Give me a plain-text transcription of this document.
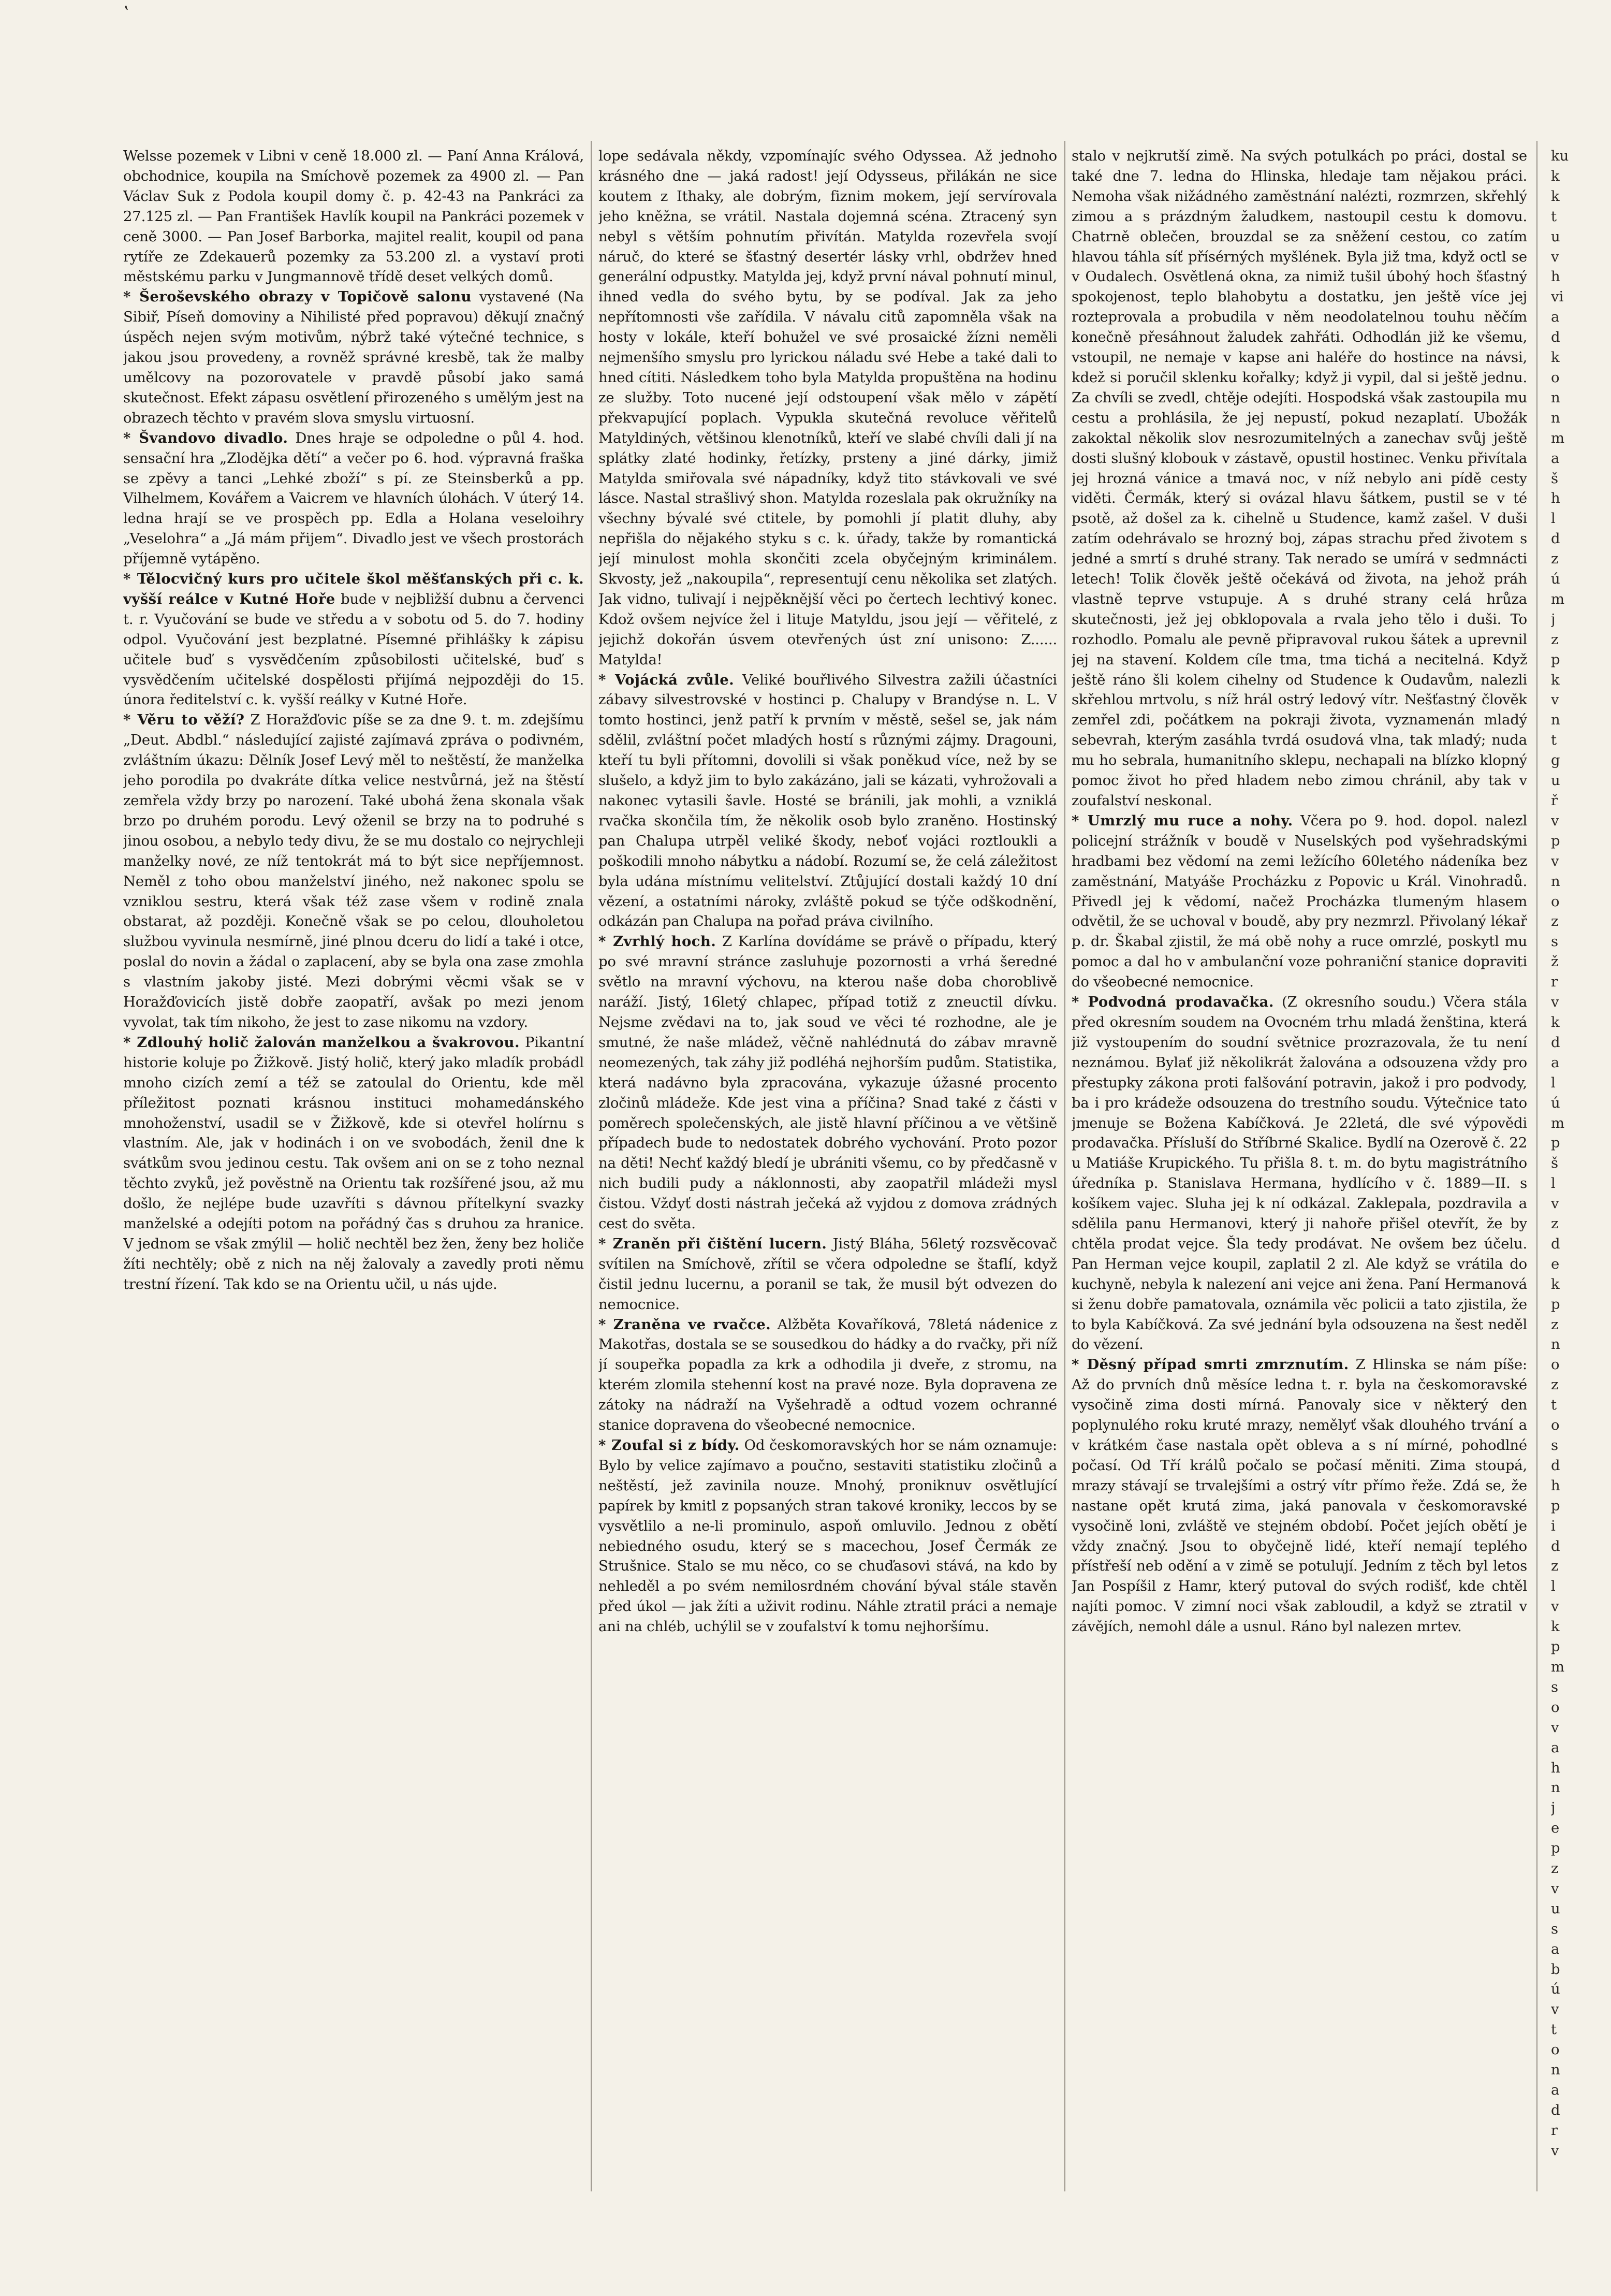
ʽ

Welsse pozemek v Libni v ceně 18.000 zl. — Paní Anna Králová, obchodnice, koupila na Smíchově pozemek za 4900 zl. — Pan Václav Suk z Podola koupil domy č. p. 42-43 na Pankráci za 27.125 zl. — Pan František Havlík koupil na Pankráci pozemek v ceně 3000. — Pan Josef Barborka, majitel realit, koupil od pana rytíře ze Zdekauerů pozemky za 53.200 zl. a vystaví proti městskému parku v Jungmannově třídě deset velkých domů.

* Šeroševského obrazy v Topičově salonu vystavené (Na Sibiř, Píseň domoviny a Nihilisté před popravou) děkují značný úspěch nejen svým motivům, nýbrž také výtečné technice, s jakou jsou provedeny, a rovněž správné kresbě, tak že malby umělcovy na pozorovatele v pravdě působí jako samá skutečnost. Efekt zápasu osvětlení přirozeného s umělým jest na obrazech těchto v pravém slova smyslu virtuosní.

* Švandovo divadlo. Dnes hraje se odpoledne o půl 4. hod. sensační hra „Zlodějka dětí“ a večer po 6. hod. výpravná fraška se zpěvy a tanci „Lehké zboží“ s pí. ze Steinsberků a pp. Vilhelmem, Kovářem a Vaicrem ve hlavních úlohách. V úterý 14. ledna hrají se ve prospěch pp. Edla a Holana veseloihry „Veselohra“ a „Já mám přijem“. Divadlo jest ve všech prostorách příjemně vytápěno.

* Tělocvičný kurs pro učitele škol měšťanských při c. k. vyšší reálce v Kutné Hoře bude v nejbližší dubnu a červenci t. r. Vyučování se bude ve středu a v sobotu od 5. do 7. hodiny odpol. Vyučování jest bezplatné. Písemné přihlášky k zápisu učitele buď s vysvědčením způsobilosti učitelské, buď s vysvědčením učitelské dospělosti přijímá nejpozději do 15. února ředitelství c. k. vyšší reálky v Kutné Hoře.

* Věru to věží? Z Horažďovic píše se za dne 9. t. m. zdejšímu „Deut. Abdbl.“ následující zajisté zajímavá zpráva o podivném, zvláštním úkazu: Dělník Josef Levý měl to neštěstí, že manželka jeho porodila po dvakráte dítka velice nestvůrná, jež na štěstí zemřela vždy brzy po narození. Také ubohá žena skonala však brzo po druhém porodu. Levý oženil se brzy na to podruhé s jinou osobou, a nebylo tedy divu, že se mu dostalo co nejrychleji manželky nové, ze níž tentokrát má to být sice nepříjemnost. Neměl z toho obou manželství jiného, než nakonec spolu se vzniklou sestru, která však též zase všem v rodině znala obstarat, až později. Konečně však se po celou, dlouholetou službou vyvinula nesmírně, jiné plnou dceru do lidí a také i otce, poslal do novin a žádal o zaplacení, aby se byla ona zase zmohla s vlastním jakoby jisté. Mezi dobrými věcmi však se v Horažďovicích jistě dobře zaopatří, avšak po mezi jenom vyvolat, tak tím nikoho, že jest to zase nikomu na vzdory.

* Zdlouhý holič žalován manželkou a švakrovou. Pikantní historie koluje po Žižkově. Jistý holič, který jako mladík probádl mnoho cizích zemí a též se zatoulal do Orientu, kde měl příležitost poznati krásnou instituci mohamedánského mnohoženství, usadil se v Žižkově, kde si otevřel holírnu s vlastním. Ale, jak v hodinách i on ve svobodách, ženil dne k svátkům svou jedinou cestu. Tak ovšem ani on se z toho neznal těchto zvyků, jež pověstně na Orientu tak rozšířené jsou, až mu došlo, že nejlépe bude uzavříti s dávnou přítelkyní svazky manželské a odejíti potom na pořádný čas s druhou za hranice. V jednom se však zmýlil — holič nechtěl bez žen, ženy bez holiče žíti nechtěly; obě z nich na něj žalovaly a zavedly proti němu trestní řízení. Tak kdo se na Orientu učil, u nás ujde.

lope sedávala někdy, vzpomínajíc svého Odyssea. Až jednoho krásného dne — jaká radost! její Odysseus, přilákán ne sice koutem z Ithaky, ale dobrým, fiznim mokem, její servírovala jeho kněžna, se vrátil. Nastala dojemná scéna. Ztracený syn nebyl s větším pohnutím přivítán. Matylda rozevřela svojí náruč, do které se šťastný desertér lásky vrhl, obdržev hned generální odpustky. Matylda jej, když první nával pohnutí minul, ihned vedla do svého bytu, by se podíval. Jak za jeho nepřítomnosti vše zařídila. V návalu citů zapomněla však na hosty v lokále, kteří bohužel ve své prosaické žízni neměli nejmenšího smyslu pro lyrickou náladu své Hebe a také dali to hned cítiti. Následkem toho byla Matylda propuštěna na hodinu ze služby. Toto nucené její odstoupení však mělo v zápětí překvapující poplach. Vypukla skutečná revoluce věřitelů Matyldiných, většinou klenotníků, kteří ve slabé chvíli dali jí na splátky zlaté hodinky, řetízky, prsteny a jiné dárky, jimiž Matylda smiřovala své nápadníky, když tito stávkovali ve své lásce. Nastal strašlivý shon. Matylda rozeslala pak okružníky na všechny bývalé své ctitele, by pomohli jí platit dluhy, aby nepřišla do nějakého styku s c. k. úřady, takže by romantická její minulost mohla skončiti zcela obyčejným kriminálem. Skvosty, jež „nakoupila“, representují cenu několika set zlatých. Jak vidno, tulivají i nejpěknější věci po čertech lechtivý konec. Kdož ovšem nejvíce žel i lituje Matyldu, jsou její — věřitelé, z jejichž dokořán úsvem otevřených úst zní unisono: Z...... Matylda!

* Vojácká zvůle. Veliké bouřlivého Silvestra zažili účastníci zábavy silvestrovské v hostinci p. Chalupy v Brandýse n. L. V tomto hostinci, jenž patří k prvním v městě, sešel se, jak nám sdělil, zvláštní počet mladých hostí s různými zájmy. Dragouni, kteří tu byli přítomni, dovolili si však poněkud více, než by se slušelo, a když jim to bylo zakázáno, jali se kázati, vyhrožovali a nakonec vytasili šavle. Hosté se bránili, jak mohli, a vzniklá rvačka skončila tím, že několik osob bylo zraněno. Hostinský pan Chalupa utrpěl veliké škody, neboť vojáci roztloukli a poškodili mnoho nábytku a nádobí. Rozumí se, že celá záležitost byla udána místnímu velitelství. Ztůjující dostali každý 10 dní vězení, a ostatními nároky, zvláště pokud se týče odškodnění, odkázán pan Chalupa na pořad práva civilního.

* Zvrhlý hoch. Z Karlína dovídáme se právě o případu, který po své mravní stránce zasluhuje pozornosti a vrhá šeredné světlo na mravní výchovu, na kterou naše doba choroblivě naráží. Jistý, 16letý chlapec, případ totiž z zneuctil dívku. Nejsme zvědavi na to, jak soud ve věci té rozhodne, ale je smutné, že naše mládež, věčně nahlédnutá do zábav mravně neomezených, tak záhy již podléhá nejhorším pudům. Statistika, která nadávno byla zpracována, vykazuje úžasné procento zločinů mládeže. Kde jest vina a příčina? Snad také z části v poměrech společenských, ale jistě hlavní příčinou a ve většině případech bude to nedostatek dobrého vychování. Proto pozor na děti! Nechť každý bledí je ubrániti všemu, co by předčasně v nich budili pudy a náklonnosti, aby zaopatřil mládeži mysl čistou. Vždyť dosti nástrah ječeká až vyjdou z domova zrádných cest do světa.

* Zraněn při čištění lucern. Jistý Bláha, 56letý rozsvěcovač svítilen na Smíchově, zřítil se včera odpoledne se štaflí, když čistil jednu lucernu, a poranil se tak, že musil být odvezen do nemocnice.

* Zraněna ve rvačce. Alžběta Kovaříková, 78letá nádenice z Makotřas, dostala se se sousedkou do hádky a do rvačky, při níž jí soupeřka popadla za krk a odhodila ji dveře, z stromu, na kterém zlomila stehenní kost na pravé noze. Byla dopravena ze zátoky na nádraží na Vyšehradě a odtud vozem ochranné stanice dopravena do všeobecné nemocnice.

* Zoufal si z bídy. Od českomoravských hor se nám oznamuje: Bylo by velice zajímavo a poučno, sestaviti statistiku zločinů a neštěstí, jež zavinila nouze. Mnohý, proniknuv osvětlující papírek by kmitl z popsaných stran takové kroniky, leccos by se vysvětlilo a ne-li prominulo, aspoň omluvilo. Jednou z obětí nebiedného osudu, který se s macechou, Josef Čermák ze Strušnice. Stalo se mu něco, co se chuďasovi stává, na kdo by nehleděl a po svém nemilosrdném chování býval stále stavěn před úkol — jak žíti a uživit rodinu. Náhle ztratil práci a nemaje ani na chléb, uchýlil se v zoufalství k tomu nejhoršímu.

stalo v nejkrutší zimě. Na svých potulkách po práci, dostal se také dne 7. ledna do Hlinska, hledaje tam nějakou práci. Nemoha však nižádného zaměstnání nalézti, rozmrzen, skřehlý zimou a s prázdným žaludkem, nastoupil cestu k domovu. Chatrně oblečen, brouzdal se za sněžení cestou, co zatím hlavou táhla síť přísérných myšlének. Byla již tma, když octl se v Oudalech. Osvětlená okna, za nimiž tušil úbohý hoch šťastný spokojenost, teplo blahobytu a dostatku, jen ještě více jej rozteprovala a probudila v něm neodolatelnou touhu něčím konečně přesáhnout žaludek zahřáti. Odhodlán již ke všemu, vstoupil, ne nemaje v kapse ani haléře do hostince na návsi, kdež si poručil sklenku kořalky; když ji vypil, dal si ještě jednu. Za chvíli se zvedl, chtěje odejíti. Hospodská však zastoupila mu cestu a prohlásila, že jej nepustí, pokud nezaplatí. Ubožák zakoktal několik slov nesrozumitelných a zanechav svůj ještě dosti slušný klobouk v zástavě, opustil hostinec. Venku přivítala jej hrozná vánice a tmavá noc, v níž nebylo ani pídě cesty viděti. Čermák, který si ovázal hlavu šátkem, pustil se v té psotě, až došel za k. cihelně u Studence, kamž zašel. V duši zatím odehrávalo se hrozný boj, zápas strachu před životem s jedné a smrtí s druhé strany. Tak nerado se umírá v sedmnácti letech! Tolik člověk ještě očekává od života, na jehož práh vlastně teprve vstupuje. A s druhé strany celá hrůza skutečnosti, jež jej obklopovala a rvala jeho tělo i duši. To rozhodlo. Pomalu ale pevně připravoval rukou šátek a uprevnil jej na stavení. Koldem cíle tma, tma tichá a necitelná. Když ještě ráno šli kolem cihelny od Studence k Oudavům, nalezli skřehlou mrtvolu, s níž hrál ostrý ledový vítr. Nešťastný člověk zemřel zdi, počátkem na pokraji života, vyznamenán mladý sebevrah, kterým zasáhla tvrdá osudová vlna, tak mladý; nuda mu ho sebrala, humanitního sklepu, nechapali na blízko klopný pomoc život ho před hladem nebo zimou chránil, aby tak v zoufalství neskonal.

* Umrzlý mu ruce a nohy. Včera po 9. hod. dopol. nalezl policejní strážník v boudě v Nuselských pod vyšehradskými hradbami bez vědomí na zemi ležícího 60letého nádeníka bez zaměstnání, Matyáše Procházku z Popovic u Král. Vinohradů. Přivedl jej k vědomí, načež Procházka tlumeným hlasem odvětil, že se uchoval v boudě, aby pry nezmrzl. Přivolaný lékař p. dr. Škabal zjistil, že má obě nohy a ruce omrzlé, poskytl mu pomoc a dal ho v ambulanční voze pohraniční stanice dopraviti do všeobecné nemocnice.

* Podvodná prodavačka. (Z okresního soudu.) Včera stála před okresním soudem na Ovocném trhu mladá ženština, která již vystoupením do soudní světnice prozrazovala, že tu není neznámou. Bylať již několikrát žalována a odsouzena vždy pro přestupky zákona proti falšování potravin, jakož i pro podvody, ba i pro krádeže odsouzena do trestního soudu. Výtečnice tato jmenuje se Božena Kabíčková. Je 22letá, dle své výpovědi prodavačka. Přísluší do Stříbrné Skalice. Bydlí na Ozerově č. 22 u Matiáše Krupického. Tu přišla 8. t. m. do bytu magistrátního úředníka p. Stanislava Hermana, hydlícího v č. 1889—II. s košíkem vajec. Sluha jej k ní odkázal. Zaklepala, pozdravila a sdělila panu Hermanovi, který ji nahoře přišel otevřít, že by chtěla prodat vejce. Šla tedy prodávat. Ne ovšem bez účelu. Pan Herman vejce koupil, zaplatil 2 zl. Ale když se vrátila do kuchyně, nebyla k nalezení ani vejce ani žena. Paní Hermanová si ženu dobře pamatovala, oznámila věc policii a tato zjistila, že to byla Kabíčková. Za své jednání byla odsouzena na šest neděl do vězení.

* Děsný případ smrti zmrznutím. Z Hlinska se nám píše: Až do prvních dnů měsíce ledna t. r. byla na českomoravské vysočině zima dosti mírná. Panovaly sice v některý den poplynulého roku kruté mrazy, nemělyť však dlouhého trvání a v krátkém čase nastala opět obleva a s ní mírné, pohodlné počasí. Od Tří králů počalo se počasí měniti. Zima stoupá, mrazy stávají se trvalejšími a ostrý vítr přímo řeže. Zdá se, že nastane opět krutá zima, jaká panovala v českomoravské vysočině loni, zvláště ve stejném období. Počet jejích obětí je vždy značný. Jsou to obyčejně lidé, kteří nemají teplého přístřeší neb odění a v zimě se potulují. Jedním z těch byl letos Jan Pospíšil z Hamr, který putoval do svých rodišť, kde chtěl najíti pomoc. V zimní noci však zabloudil, a když se ztratil v závějích, nemohl dále a usnul. Ráno byl nalezen mrtev.

ku
k
k
t
u
v
h
vi
a
d
k
o
n
n
m
a
š
h
l
d
z
ú
m
j
z
p
k
v
n
t
g
u
ř
v
p
v
n
o
z
s
ž
r
v
k
d
a
l
ú
m
p
š
l
v
z
d
e
k
p
z
n
o
z
t
o
s
d
h
p
i
d
z
l
v
k
p
m
s
o
v
a
h
n
j
e
p
z
v
u
s
a
b
ú
v
t
o
n
a
d
r
v
